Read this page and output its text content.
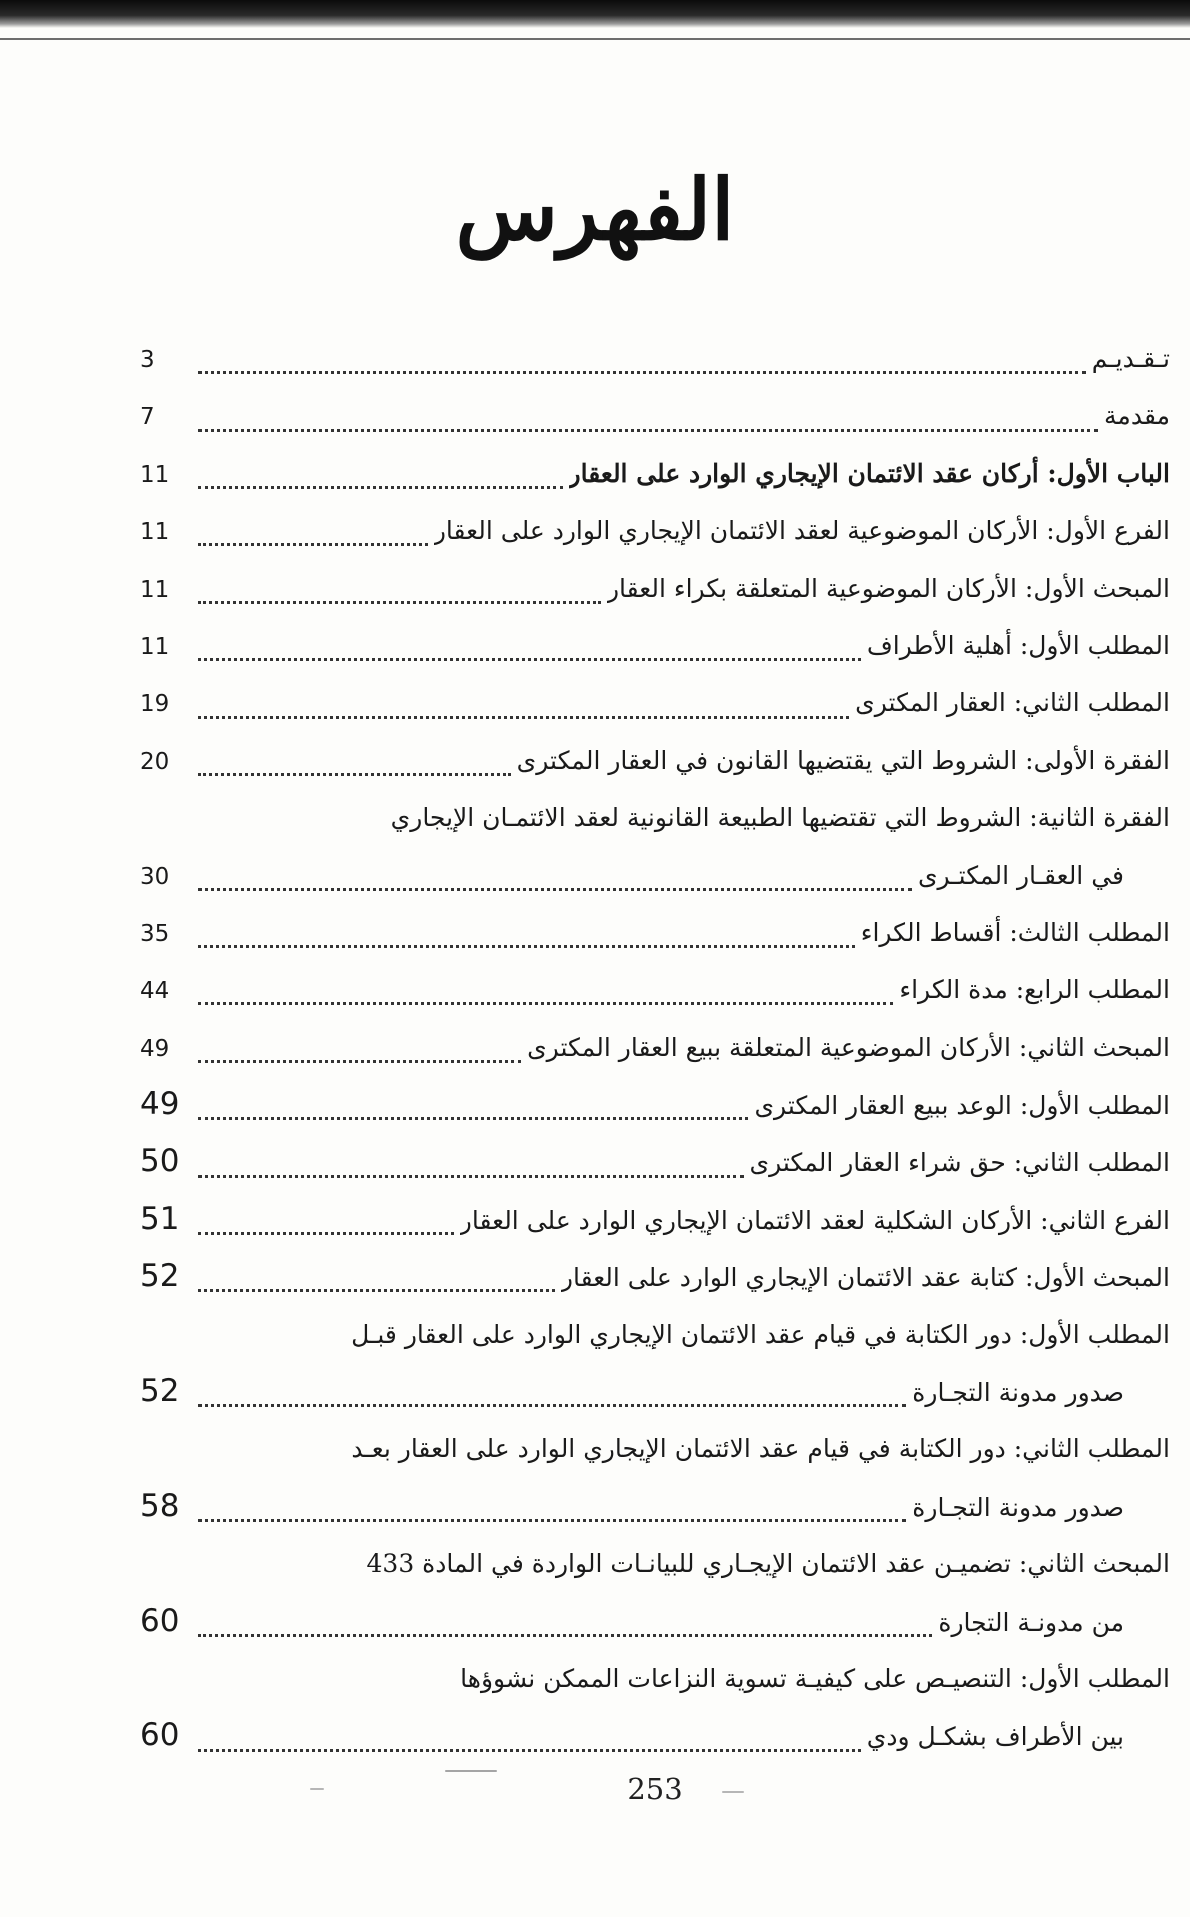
الفهرس
تـقـديـم
3
مقدمة
7
الباب الأول: أركان عقد الائتمان الإيجاري الوارد على العقار
11
الفرع الأول: الأركان الموضوعية لعقد الائتمان الإيجاري الوارد على العقار
11
المبحث الأول: الأركان الموضوعية المتعلقة بكراء العقار
11
المطلب الأول: أهلية الأطراف
11
المطلب الثاني: العقار المكترى
19
الفقرة الأولى: الشروط التي يقتضيها القانون في العقار المكترى
20
الفقرة الثانية: الشروط التي تقتضيها الطبيعة القانونية لعقد الائتمـان الإيجاري
في العقـار المكتـرى
30
المطلب الثالث: أقساط الكراء
35
المطلب الرابع: مدة الكراء
44
المبحث الثاني: الأركان الموضوعية المتعلقة ببيع العقار المكترى
49
المطلب الأول: الوعد ببيع العقار المكترى
49
المطلب الثاني: حق شراء العقار المكترى
50
الفرع الثاني: الأركان الشكلية لعقد الائتمان الإيجاري الوارد على العقار
51
المبحث الأول: كتابة عقد الائتمان الإيجاري الوارد على العقار
52
المطلب الأول: دور الكتابة في قيام عقد الائتمان الإيجاري الوارد على العقار قبـل
صدور مدونة التجـارة
52
المطلب الثاني: دور الكتابة في قيام عقد الائتمان الإيجاري الوارد على العقار بعـد
صدور مدونة التجـارة
58
المبحث الثاني: تضميـن عقد الائتمان الإيجـاري للبيانـات الواردة في المادة 433
من مدونـة التجارة
60
المطلب الأول: التنصيـص على كيفيـة تسوية النزاعات الممكن نشوؤها
بين الأطراف بشكـل ودي
60
253
